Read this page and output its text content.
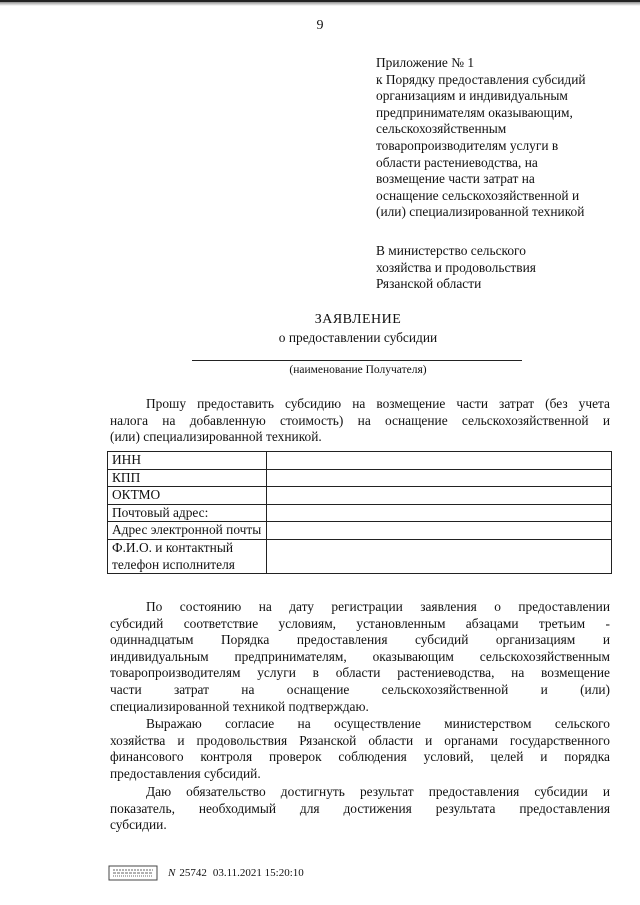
9
Приложение № 1
к Порядку предоставления субсидий
организациям и индивидуальным
предпринимателям оказывающим,
сельскохозяйственным
товаропроизводителям услуги в
области растениеводства, на
возмещение части затрат на
оснащение сельскохозяйственной и
(или) специализированной техникой
В министерство сельского
хозяйства и продовольствия
Рязанской области
ЗАЯВЛЕНИЕ
о предоставлении субсидии
(наименование Получателя)
Прошу предоставить субсидию на возмещение части затрат (без учета
налога на добавленную стоимость) на оснащение сельскохозяйственной и
(или) специализированной техникой.
ИНН	
КПП	
ОКТМО	
Почтовый адрес:	
Адрес электронной почты	
Ф.И.О. и контактный телефон исполнителя	
По состоянию на дату регистрации заявления о предоставлении
субсидий соответствие условиям, установленным абзацами третьим -
одиннадцатым Порядка предоставления субсидий организациям и
индивидуальным предпринимателям, оказывающим сельскохозяйственным
товаропроизводителям услуги в области растениеводства, на возмещение
части затрат на оснащение сельскохозяйственной и (или)
специализированной техникой подтверждаю.
Выражаю согласие на осуществление министерством сельского
хозяйства и продовольствия Рязанской области и органами государственного
финансового контроля проверок соблюдения условий, целей и порядка
предоставления субсидий.
Даю обязательство достигнуть результат предоставления субсидии и
показатель, необходимый для достижения результата предоставления
субсидии.
N 25742 03.11.2021 15:20:10
